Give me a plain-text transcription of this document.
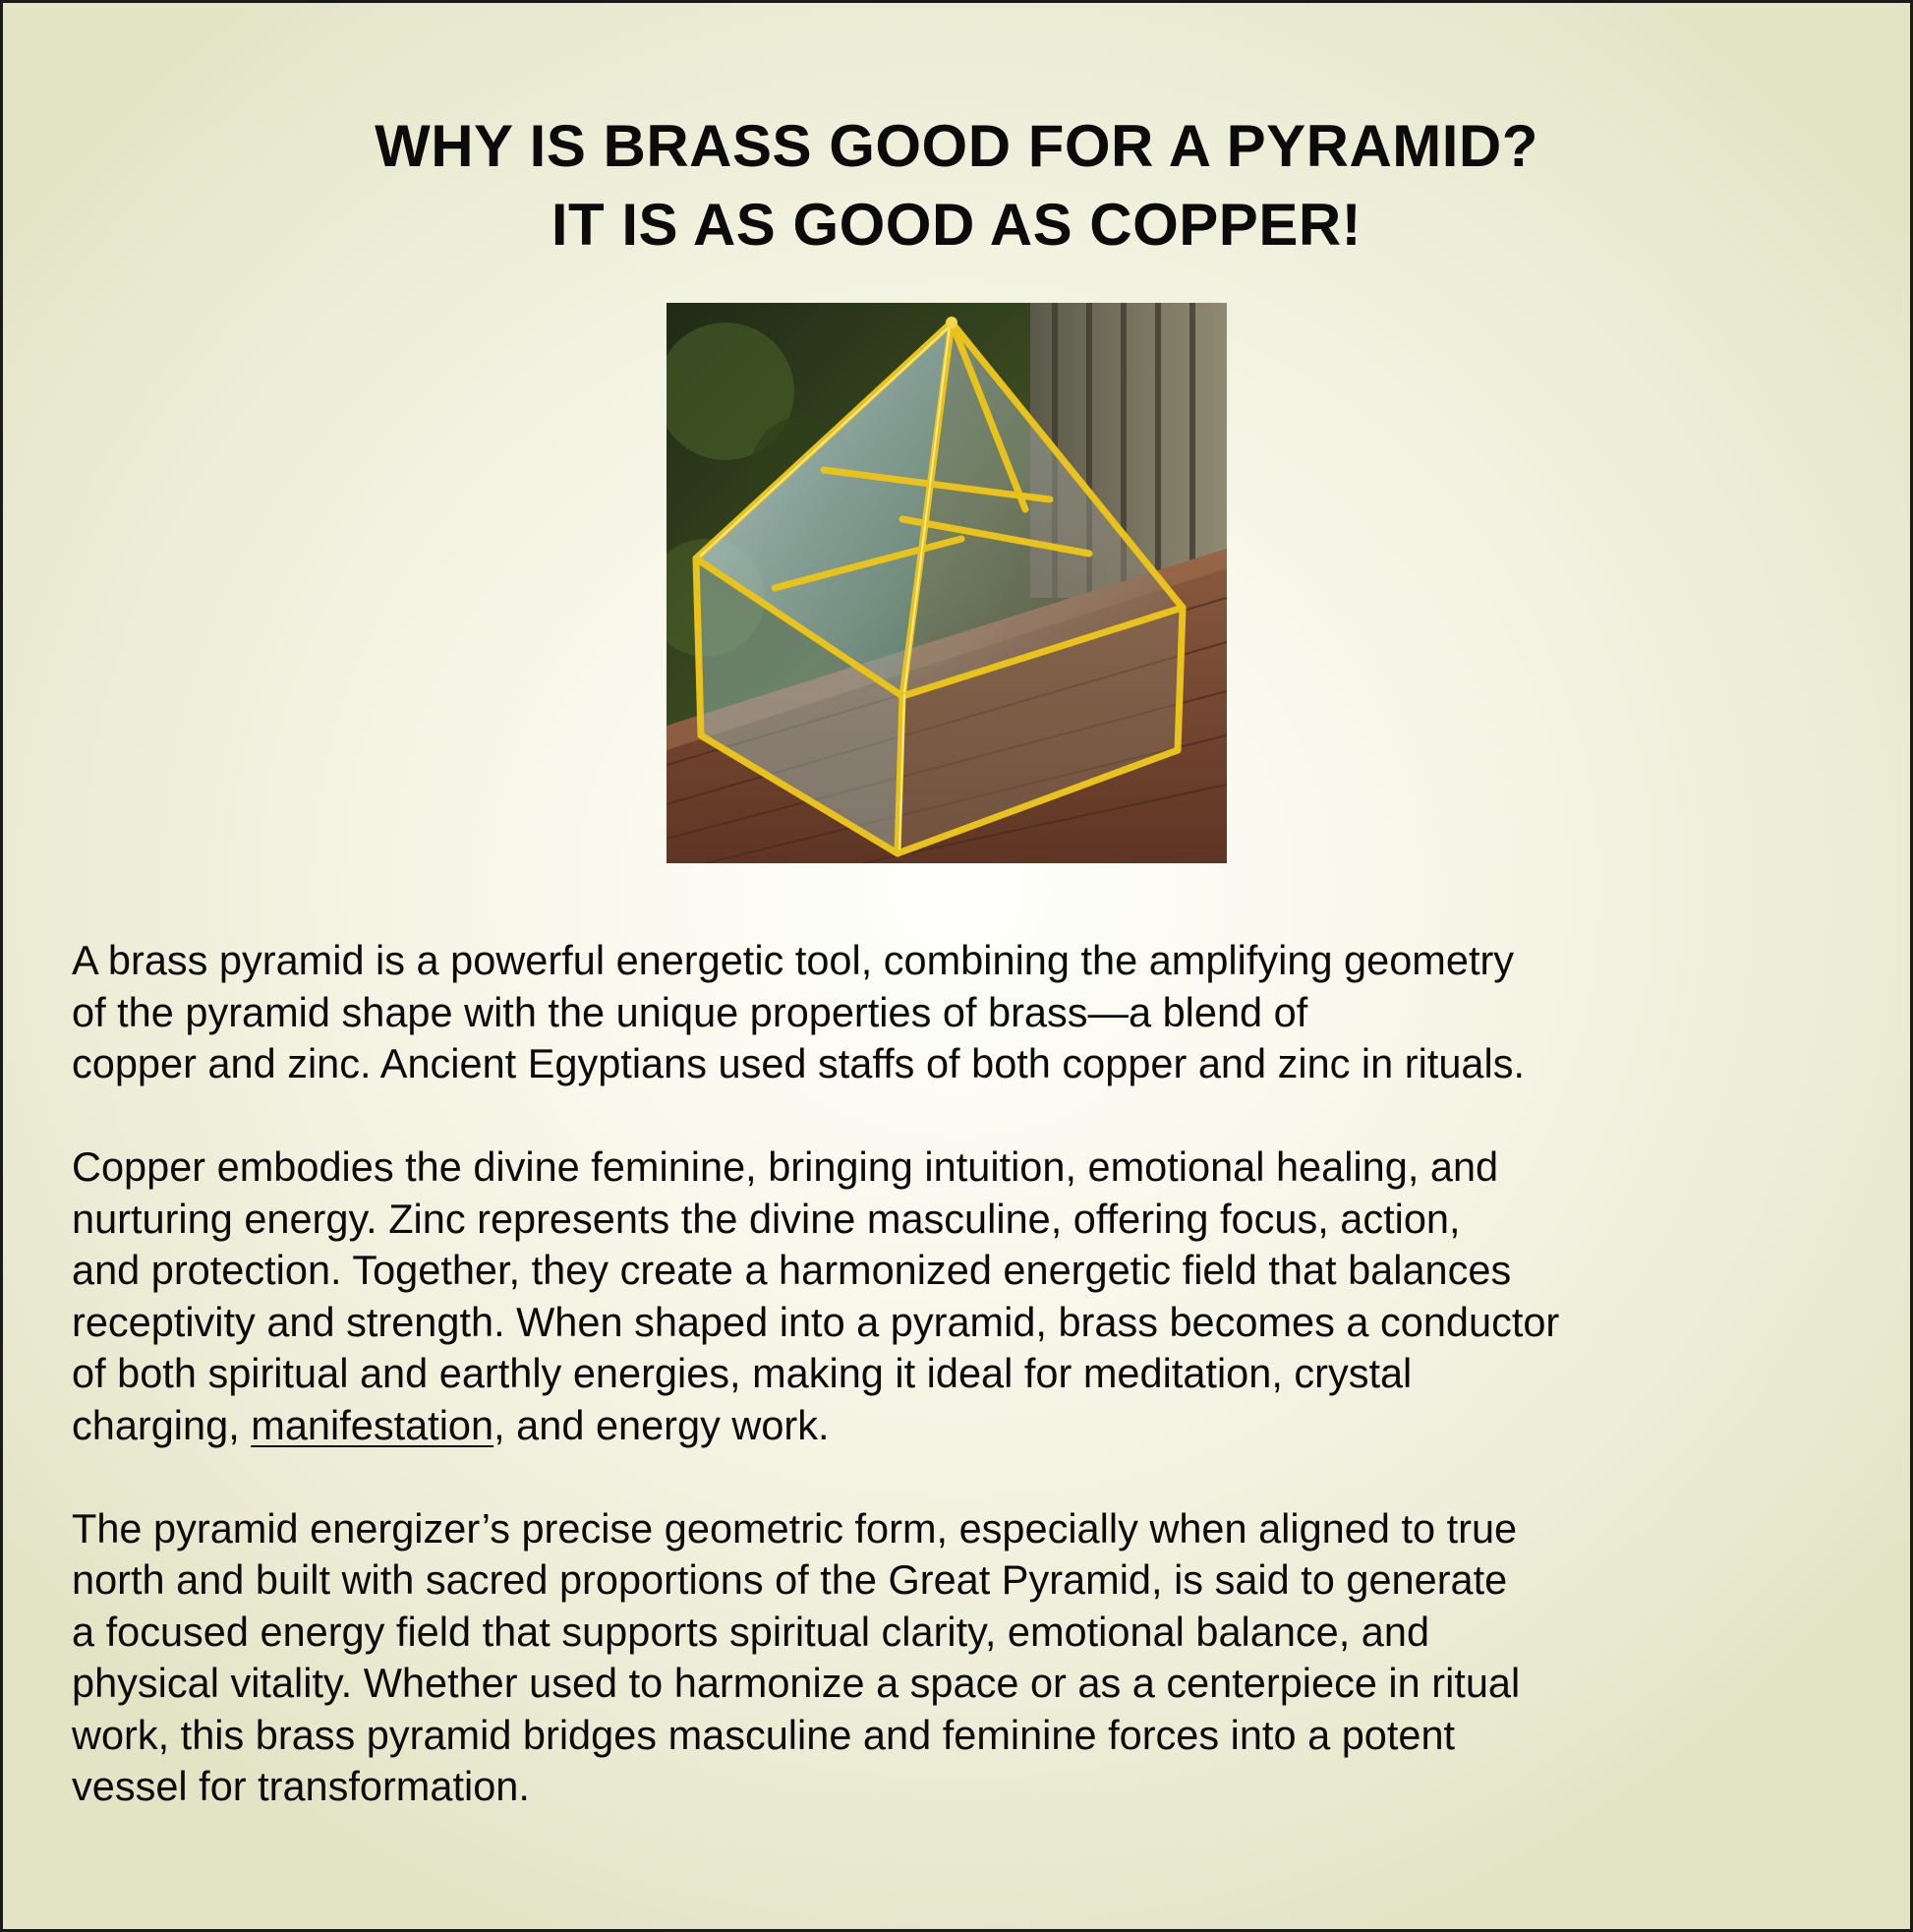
WHY IS BRASS GOOD FOR A PYRAMID?
IT IS AS GOOD AS COPPER!

A brass pyramid is a powerful energetic tool, combining the amplifying geometry
of the pyramid shape with the unique properties of brass—a blend of
copper and zinc. Ancient Egyptians used staffs of both copper and zinc in rituals.

Copper embodies the divine feminine, bringing intuition, emotional healing, and
nurturing energy. Zinc represents the divine masculine, offering focus, action,
and protection. Together, they create a harmonized energetic field that balances
receptivity and strength. When shaped into a pyramid, brass becomes a conductor
of both spiritual and earthly energies, making it ideal for meditation, crystal
charging, manifestation, and energy work.

The pyramid energizer’s precise geometric form, especially when aligned to true
north and built with sacred proportions of the Great Pyramid, is said to generate
a focused energy field that supports spiritual clarity, emotional balance, and
physical vitality. Whether used to harmonize a space or as a centerpiece in ritual
work, this brass pyramid bridges masculine and feminine forces into a potent
vessel for transformation.
